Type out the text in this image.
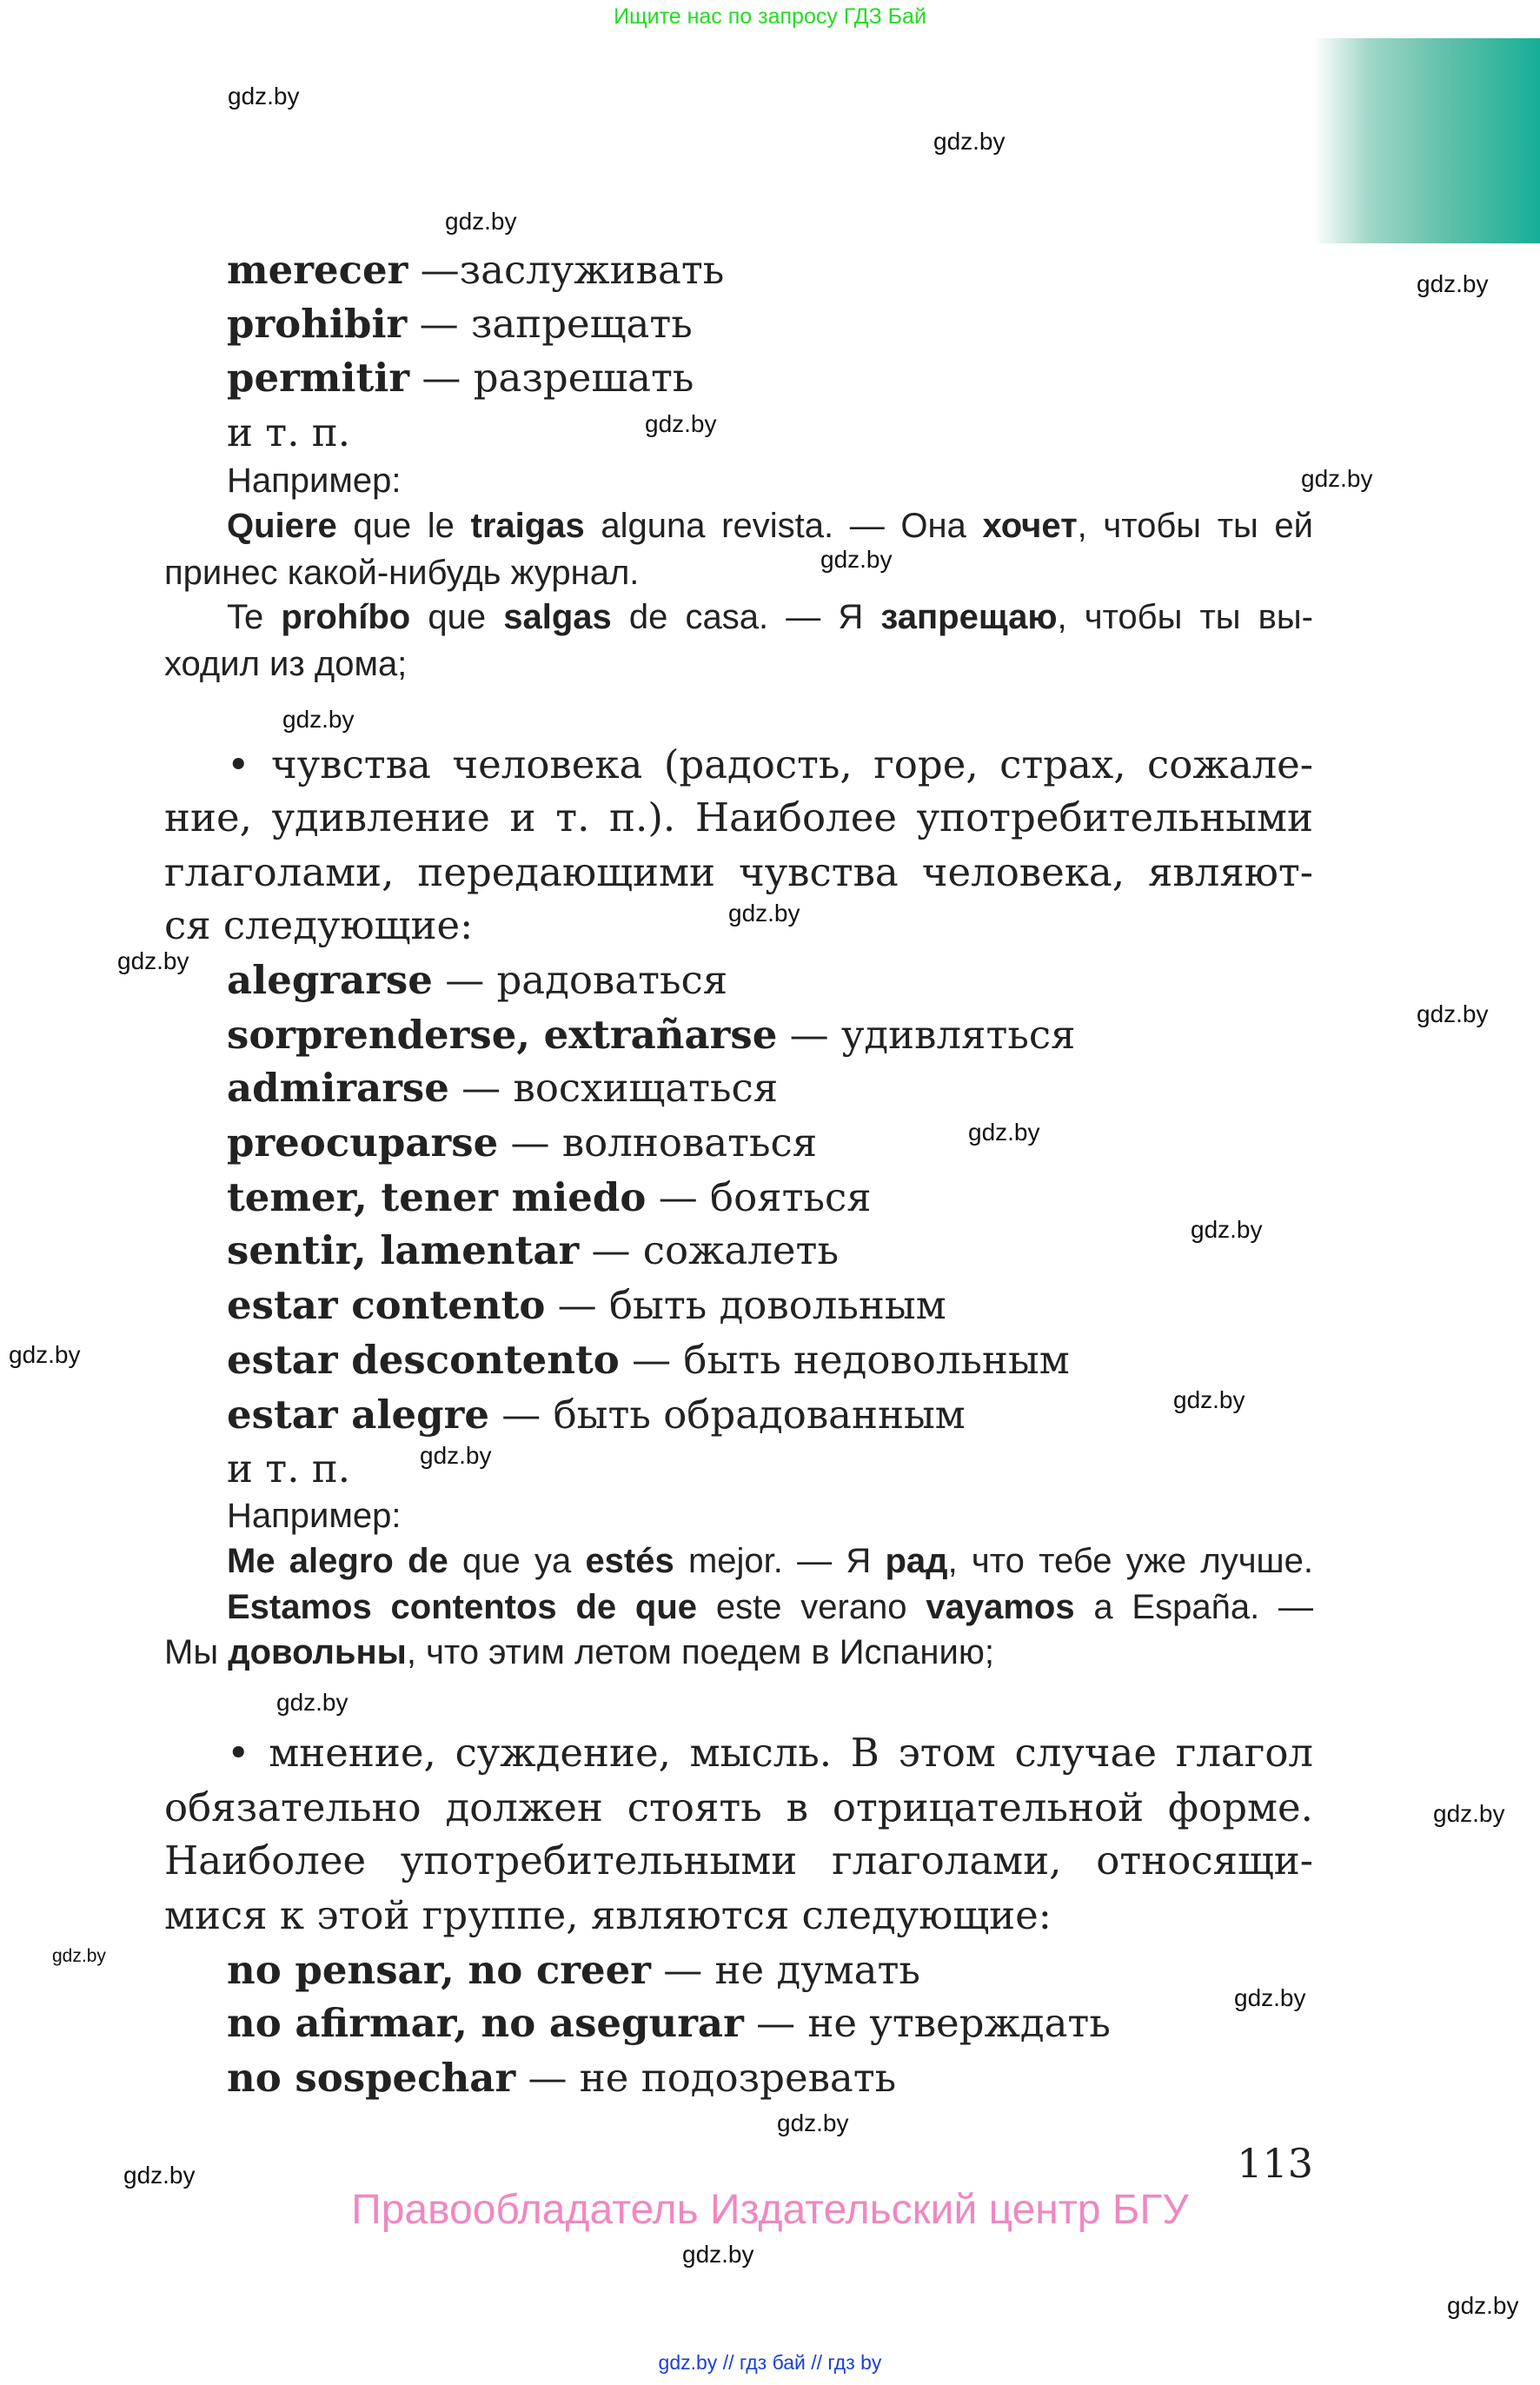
Ищите нас по запросу ГДЗ Бай
merecer —заслуживать
prohibir — запрещать
permitir — разрешать
и т. п.
Например:
Quiere que le traigas alguna revista. — Она хочет, чтобы ты ей
принес какой-нибудь журнал.
Te prohíbo que salgas de casa. — Я запрещаю, чтобы ты вы-
ходил из дома;
• чувства человека (радость, горе, страх, сожале-
ние, удивление и т. п.). Наиболее употребительными
глаголами, передающими чувства человека, являют-
ся следующие:
alegrarse — радоваться
sorprenderse, extrañarse — удивляться
admirarse — восхищаться
preocuparse — волноваться
temer, tener miedo — бояться
sentir, lamentar — сожалеть
estar contento — быть довольным
estar descontento — быть недовольным
estar alegre — быть обрадованным
и т. п.
Например:
Me alegro de que ya estés mejor. — Я рад, что тебе уже лучше.
Estamos contentos de que este verano vayamos a España. —
Мы довольны, что этим летом поедем в Испанию;
• мнение, суждение, мысль. В этом случае глагол
обязательно должен стоять в отрицательной форме.
Наиболее употребительными глаголами, относящи-
мися к этой группе, являются следующие:
no pensar, no creer — не думать
no afirmar, no asegurar — не утверждать
no sospechar — не подозревать
gdz.by
gdz.by
gdz.by
gdz.by
gdz.by
gdz.by
gdz.by
gdz.by
gdz.by
gdz.by
gdz.by
gdz.by
gdz.by
gdz.by
gdz.by
gdz.by
gdz.by
gdz.by
gdz.by
gdz.by
gdz.by
gdz.by
gdz.by
gdz.by
113
Правообладатель Издательский центр БГУ
gdz.by // гдз бай // гдз by
